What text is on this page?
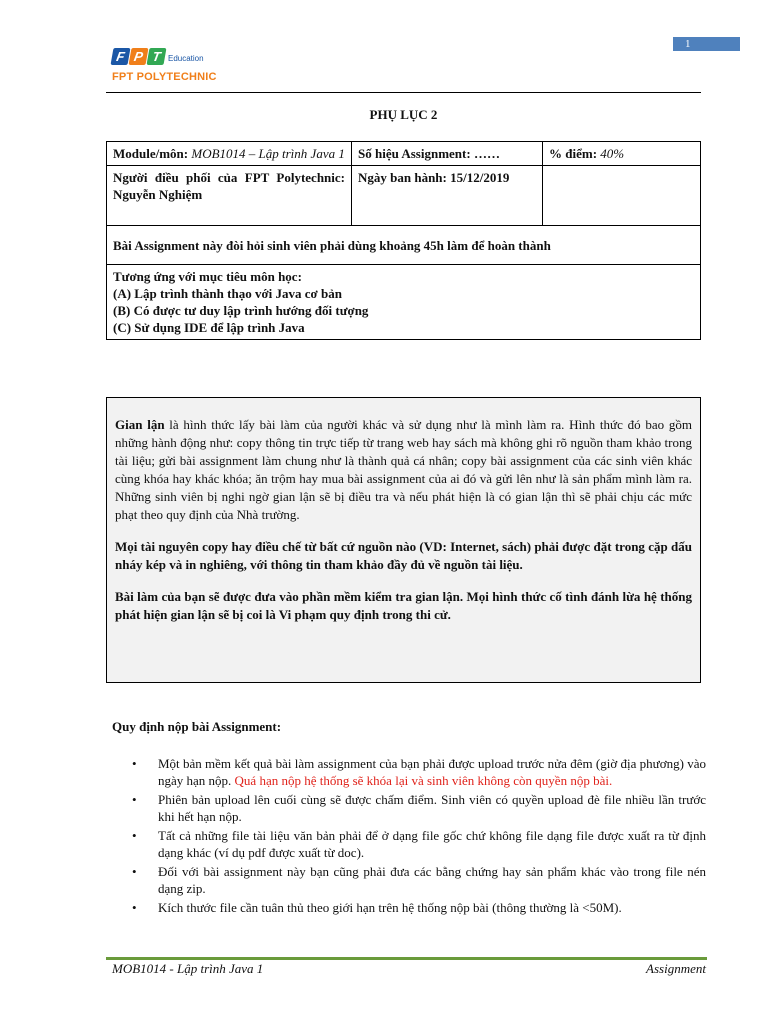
F P T Education
FPT POLYTECHNIC
1
PHỤ LỤC 2
Module/môn: MOB1014 – Lập trình Java 1	Số hiệu Assignment: ……	% điểm: 40%

Người điều phối của FPT Polytechnic: Nguyễn Nghiệm	Ngày ban hành: 15/12/2019	
Bài Assignment này đòi hỏi sinh viên phải dùng khoảng 45h làm để hoàn thành		

Tương ứng với mục tiêu môn học:
(A) Lập trình thành thạo với Java cơ bản
(B) Có được tư duy lập trình hướng đối tượng
(C) Sử dụng IDE để lập trình Java		

Gian lận là hình thức lấy bài làm của người khác và sử dụng như là mình làm ra. Hình thức đó bao gồm những hành động như: copy thông tin trực tiếp từ trang web hay sách mà không ghi rõ nguồn tham khảo trong tài liệu; gửi bài assignment làm chung như là thành quả cá nhân; copy bài assignment của các sinh viên khác cùng khóa hay khác khóa; ăn trộm hay mua bài assignment của ai đó và gửi lên như là sản phẩm mình làm ra. Những sinh viên bị nghi ngờ gian lận sẽ bị điều tra và nếu phát hiện là có gian lận thì sẽ phải chịu các mức phạt theo quy định của Nhà trường.

Mọi tài nguyên copy hay điều chế từ bất cứ nguồn nào (VD: Internet, sách) phải được đặt trong cặp dấu nháy kép và in nghiêng, với thông tin tham khảo đầy đủ về nguồn tài liệu.

Bài làm của bạn sẽ được đưa vào phần mềm kiểm tra gian lận. Mọi hình thức cố tình đánh lừa hệ thống phát hiện gian lận sẽ bị coi là Vi phạm quy định trong thi cử.

Quy định nộp bài Assignment:
• Một bản mềm kết quả bài làm assignment của bạn phải được upload trước nửa đêm (giờ địa phương) vào ngày hạn nộp. Quá hạn nộp hệ thống sẽ khóa lại và sinh viên không còn quyền nộp bài.
• Phiên bản upload lên cuối cùng sẽ được chấm điểm. Sinh viên có quyền upload đè file nhiều lần trước khi hết hạn nộp.
• Tất cả những file tài liệu văn bản phải để ở dạng file gốc chứ không file dạng file được xuất ra từ định dạng khác (ví dụ pdf được xuất từ doc).
• Đối với bài assignment này bạn cũng phải đưa các bằng chứng hay sản phẩm khác vào trong file nén dạng zip.
• Kích thước file cần tuân thủ theo giới hạn trên hệ thống nộp bài (thông thường là <50M).
MOB1014 - Lập trình Java 1	Assignment
